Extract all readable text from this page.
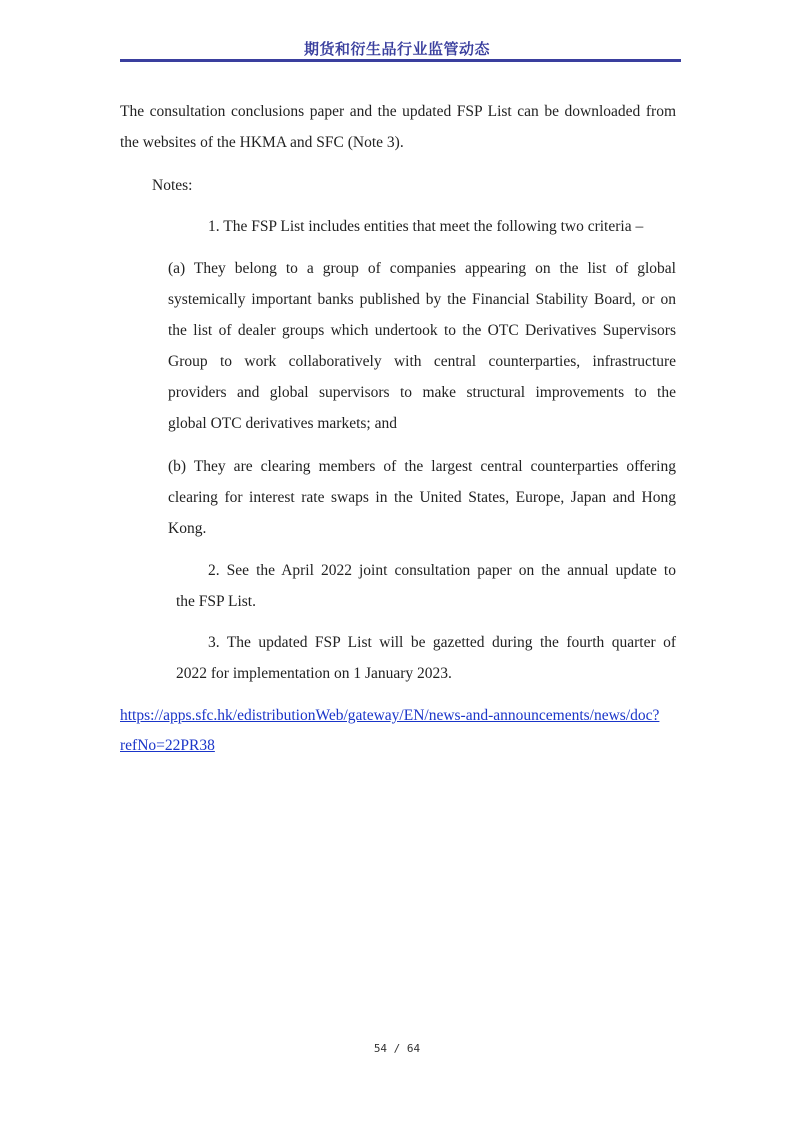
期货和衍生品行业监管动态
The consultation conclusions paper and the updated FSP List can be downloaded from
the websites of the HKMA and SFC (Note 3).
Notes:
1. The FSP List includes entities that meet the following two criteria –
(a) They belong to a group of companies appearing on the list of global
systemically important banks published by the Financial Stability Board, or on
the list of dealer groups which undertook to the OTC Derivatives Supervisors
Group to work collaboratively with central counterparties, infrastructure
providers and global supervisors to make structural improvements to the
global OTC derivatives markets; and
(b) They are clearing members of the largest central counterparties offering
clearing for interest rate swaps in the United States, Europe, Japan and Hong
Kong.
2. See the April 2022 joint consultation paper on the annual update to
the FSP List.
3. The updated FSP List will be gazetted during the fourth quarter of
2022 for implementation on 1 January 2023.
https://apps.sfc.hk/edistributionWeb/gateway/EN/news-and-announcements/news/doc?
refNo=22PR38
54 / 64
